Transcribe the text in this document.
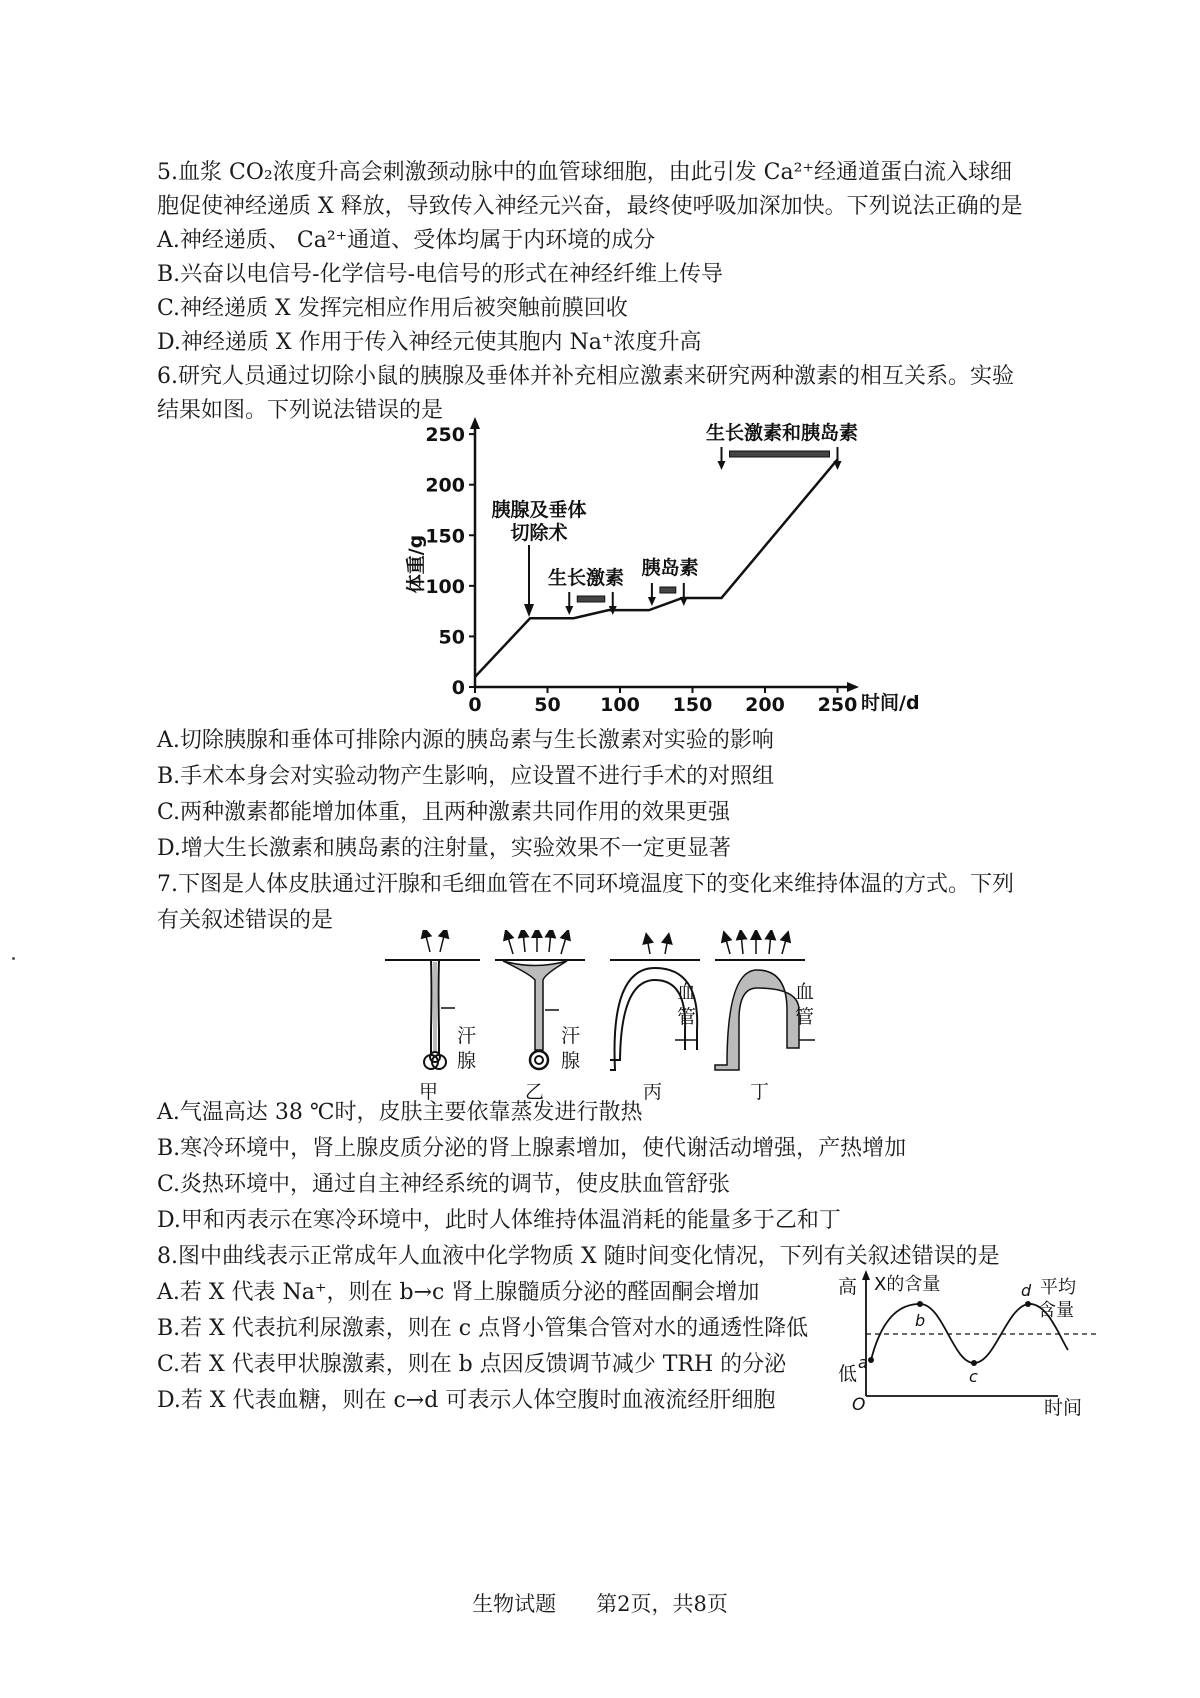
5.血浆 CO₂浓度升高会刺激颈动脉中的血管球细胞，由此引发 Ca²⁺经通道蛋白流入球细
胞促使神经递质 X 释放，导致传入神经元兴奋，最终使呼吸加深加快。下列说法正确的是
A.神经递质、 Ca²⁺通道、受体均属于内环境的成分
B.兴奋以电信号-化学信号-电信号的形式在神经纤维上传导
C.神经递质 X 发挥完相应作用后被突触前膜回收
D.神经递质 X 作用于传入神经元使其胞内 Na⁺浓度升高
6.研究人员通过切除小鼠的胰腺及垂体并补充相应激素来研究两种激素的相互关系。实验
结果如图。下列说法错误的是
0
50
100
150
200
250
0	50 100 150 200 250
体重/g
时间/d
胰腺及垂体
切除术
生长激素 胰岛素
生长激素和胰岛素
A.切除胰腺和垂体可排除内源的胰岛素与生长激素对实验的影响
B.手术本身会对实验动物产生影响，应设置不进行手术的对照组
C.两种激素都能增加体重，且两种激素共同作用的效果更强
D.增大生长激素和胰岛素的注射量，实验效果不一定更显著
7.下图是人体皮肤通过汗腺和毛细血管在不同环境温度下的变化来维持体温的方式。下列
有关叙述错误的是
汗
腺
甲
汗
腺
乙
血
管
丙
血
管
丁
A.气温高达 38 ℃时，皮肤主要依靠蒸发进行散热
B.寒冷环境中，肾上腺皮质分泌的肾上腺素增加，使代谢活动增强，产热增加
C.炎热环境中，通过自主神经系统的调节，使皮肤血管舒张
D.甲和丙表示在寒冷环境中，此时人体维持体温消耗的能量多于乙和丁
8.图中曲线表示正常成年人血液中化学物质 X 随时间变化情况，下列有关叙述错误的是
A.若 X 代表 Na⁺，则在 b→c 肾上腺髓质分泌的醛固酮会增加
B.若 X 代表抗利尿激素，则在 c 点肾小管集合管对水的通透性降低
C.若 X 代表甲状腺激素，则在 b 点因反馈调节减少 TRH 的分泌
D.若 X 代表血糖，则在 c→d 可表示人体空腹时血液流经肝细胞
高
低
X的含量
O	时间
平均
含量
a
b
c
d
生物试题      第2页，共8页
